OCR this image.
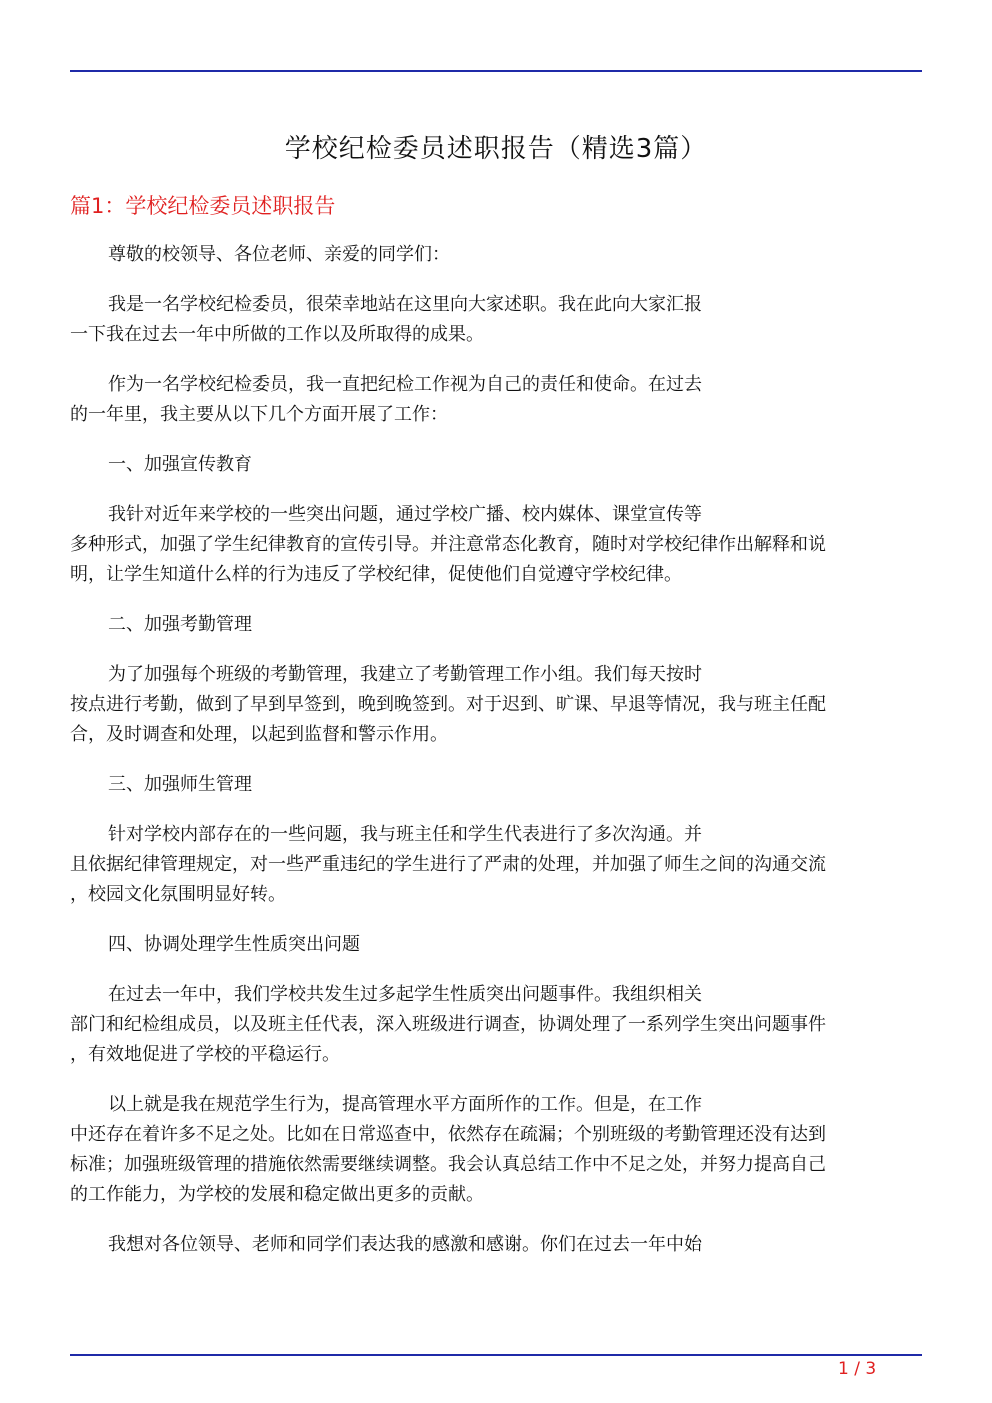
学校纪检委员述职报告（精选3篇）
篇1：学校纪检委员述职报告

尊敬的校领导、各位老师、亲爱的同学们：

我是一名学校纪检委员，很荣幸地站在这里向大家述职。我在此向大家汇报
一下我在过去一年中所做的工作以及所取得的成果。

作为一名学校纪检委员，我一直把纪检工作视为自己的责任和使命。在过去
的一年里，我主要从以下几个方面开展了工作：

一、加强宣传教育

我针对近年来学校的一些突出问题，通过学校广播、校内媒体、课堂宣传等
多种形式，加强了学生纪律教育的宣传引导。并注意常态化教育，随时对学校纪律作出解释和说
明，让学生知道什么样的行为违反了学校纪律，促使他们自觉遵守学校纪律。

二、加强考勤管理

为了加强每个班级的考勤管理，我建立了考勤管理工作小组。我们每天按时
按点进行考勤，做到了早到早签到，晚到晚签到。对于迟到、旷课、早退等情况，我与班主任配
合，及时调查和处理，以起到监督和警示作用。

三、加强师生管理

针对学校内部存在的一些问题，我与班主任和学生代表进行了多次沟通。并
且依据纪律管理规定，对一些严重违纪的学生进行了严肃的处理，并加强了师生之间的沟通交流
，校园文化氛围明显好转。

四、协调处理学生性质突出问题

在过去一年中，我们学校共发生过多起学生性质突出问题事件。我组织相关
部门和纪检组成员，以及班主任代表，深入班级进行调查，协调处理了一系列学生突出问题事件
，有效地促进了学校的平稳运行。

以上就是我在规范学生行为，提高管理水平方面所作的工作。但是，在工作
中还存在着许多不足之处。比如在日常巡查中，依然存在疏漏；个别班级的考勤管理还没有达到
标准；加强班级管理的措施依然需要继续调整。我会认真总结工作中不足之处，并努力提高自己
的工作能力，为学校的发展和稳定做出更多的贡献。

我想对各位领导、老师和同学们表达我的感激和感谢。你们在过去一年中始

1 / 3
